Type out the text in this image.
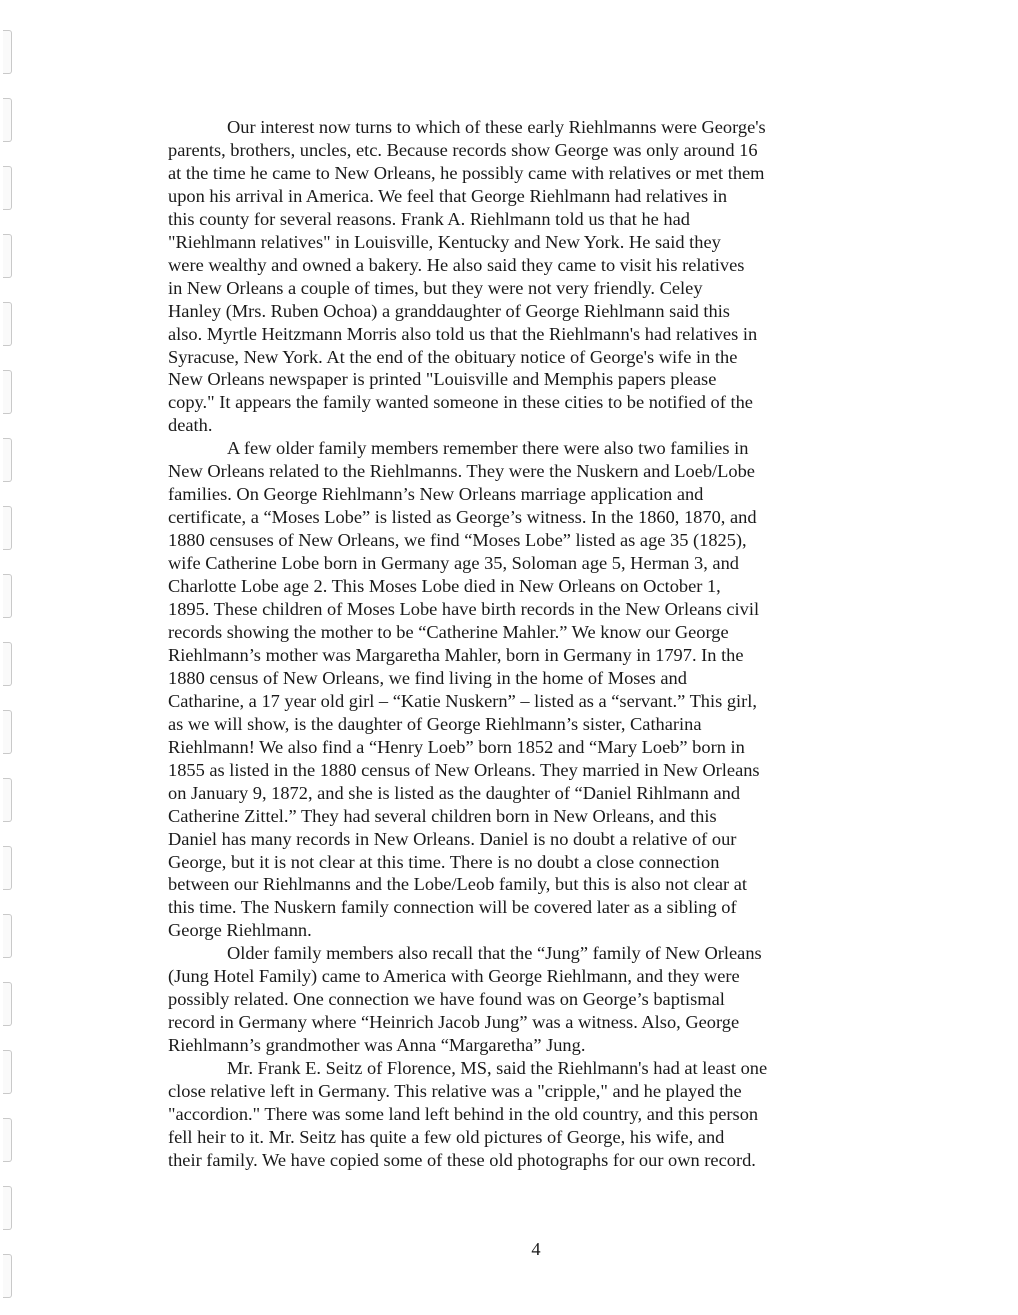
Our interest now turns to which of these early Riehlmanns were George's
parents, brothers, uncles, etc. Because records show George was only around 16
at the time he came to New Orleans, he possibly came with relatives or met them
upon his arrival in America. We feel that George Riehlmann had relatives in
this county for several reasons. Frank A. Riehlmann told us that he had
"Riehlmann relatives" in Louisville, Kentucky and New York. He said they
were wealthy and owned a bakery. He also said they came to visit his relatives
in New Orleans a couple of times, but they were not very friendly. Celey
Hanley (Mrs. Ruben Ochoa) a granddaughter of George Riehlmann said this
also. Myrtle Heitzmann Morris also told us that the Riehlmann's had relatives in
Syracuse, New York. At the end of the obituary notice of George's wife in the
New Orleans newspaper is printed "Louisville and Memphis papers please
copy." It appears the family wanted someone in these cities to be notified of the
death.

A few older family members remember there were also two families in
New Orleans related to the Riehlmanns. They were the Nuskern and Loeb/Lobe
families. On George Riehlmann’s New Orleans marriage application and
certificate, a “Moses Lobe” is listed as George’s witness. In the 1860, 1870, and
1880 censuses of New Orleans, we find “Moses Lobe” listed as age 35 (1825),
wife Catherine Lobe born in Germany age 35, Soloman age 5, Herman 3, and
Charlotte Lobe age 2. This Moses Lobe died in New Orleans on October 1,
1895. These children of Moses Lobe have birth records in the New Orleans civil
records showing the mother to be “Catherine Mahler.” We know our George
Riehlmann’s mother was Margaretha Mahler, born in Germany in 1797. In the
1880 census of New Orleans, we find living in the home of Moses and
Catharine, a 17 year old girl – “Katie Nuskern” – listed as a “servant.” This girl,
as we will show, is the daughter of George Riehlmann’s sister, Catharina
Riehlmann! We also find a “Henry Loeb” born 1852 and “Mary Loeb” born in
1855 as listed in the 1880 census of New Orleans. They married in New Orleans
on January 9, 1872, and she is listed as the daughter of “Daniel Rihlmann and
Catherine Zittel.” They had several children born in New Orleans, and this
Daniel has many records in New Orleans. Daniel is no doubt a relative of our
George, but it is not clear at this time. There is no doubt a close connection
between our Riehlmanns and the Lobe/Leob family, but this is also not clear at
this time. The Nuskern family connection will be covered later as a sibling of
George Riehlmann.

Older family members also recall that the “Jung” family of New Orleans
(Jung Hotel Family) came to America with George Riehlmann, and they were
possibly related. One connection we have found was on George’s baptismal
record in Germany where “Heinrich Jacob Jung” was a witness. Also, George
Riehlmann’s grandmother was Anna “Margaretha” Jung.

Mr. Frank E. Seitz of Florence, MS, said the Riehlmann's had at least one
close relative left in Germany. This relative was a "cripple," and he played the
"accordion." There was some land left behind in the old country, and this person
fell heir to it. Mr. Seitz has quite a few old pictures of George, his wife, and
their family. We have copied some of these old photographs for our own record.

4
